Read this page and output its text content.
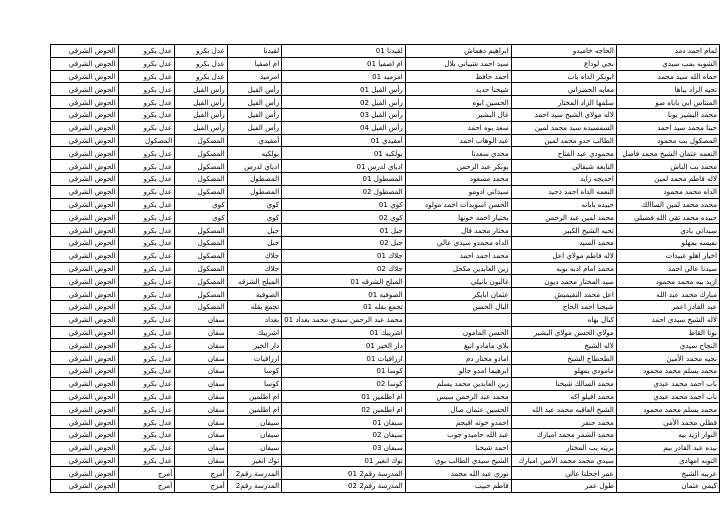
الحوض الشرقي	عدل بكرو	عدل بكرو	لقيدنا	لقيدنا 01	ابراهيم دهماش	الحاجه خاميدو	لمام احمد دمد
الحوض الشرقي	عدل بكرو	عدل بكرو	ام اصفيا	ام اصفيا 01	سيد احمد شيباني بلال	نجي لوداع	الشوبه بمب سيدي
الحوض الشرقي	عدل بكرو	عدل بكرو	امزميد	امزميد 01	احمد حافظ	ابوبكر الداه باب	حماه الله سيد محمد
الحوض الشرقي	عدل بكرو	رأس الفيل	رأس الفيل	رأس الفيل 01	شيخنا حديد	معايه الخضراني	تحيه الزاد بياها
الحوض الشرقي	عدل بكرو	رأس الفيل	رأس الفيل	رأس الفيل 02	الحسين ابوه	سلمها الزاد المختار	المنتاس ابي باباه صو
الحوض الشرقي	عدل بكرو	رأس الفيل	رأس الفيل	رأس الفيل 03	غال البشير	لاله مولاي الشيخ سيد احمد	محمد البشير يونا
الحوض الشرقي	عدل بكرو	رأس الفيل	رأس الفيل	رأس الفيل 04	سعد بوه احمد	السمسيده سيد محمد لمين	حينا محمد سيد احمد
الحوض الشرقي	المصكول	المصكول	أمقيدي	أمقيدي 01	عبد الوهاب احمد	الطالب حدو محمد لمين	المصكول بب محمود
الحوض الشرقي	عدل بكرو	المصكول	بولكيه	بولكيه 01	محدي سعدنا	محمودي عبد الفتاح	النعمه عثمان الشيخ محمد فاضل
الحوض الشرقي	عدل بكرو	المصكول	ادياي لدرس	ادياي لدرس 01	بوبكر عبد الرحمن	النابغه شيقالي	محمد بب الباش
الحوض الشرقي	عدل بكرو	المصكول	المصطول	المصطول 01	محمد مسعود	اخديجه زايد	لاله فاطم محمد لمين
الحوض الشرقي	عدل بكرو	المصكول	المصطول	المصطول 02	سيداتي ادومو	النعمه الداه احمد ذحيد	الداه محمد محمود
الحوض الشرقي	عدل بكرو	كوي	كوي	كوي 01	الحسن اسويدات احمد مولود	حبيده بابانه	محمد محمد لمين الساالك
الحوض الشرقي	عدل بكرو	كوي	كوي	كوي 02	بختيار احمد خونها	محمد لمين عبد الرحمن	حبيده محمد تقي الله فضيلي
الحوض الشرقي	عدل بكرو	المصكول	جبل	جبل 01	مختار محمد فال	تحيه الشيخ الكبير	سيداتي بادي
الحوض الشرقي	عدل بكرو	المصكول	جبل	جبل 02	الداه محمدو سيدي عالي	محمد السيد	نفيسه يمهلو
الحوض الشرقي	عدل بكرو	المصكول	جلاك	جلاك 01	محمد احمد احمد	لاله فاطم مولاي اعل	اخيار اهلو عبيدات
الحوض الشرقي	عدل بكرو	المصكول	جلاك	جلاك 02	زين العابدين مكحل	محمد امام ادبه بوبه	سيدنا عالي احمد
الحوض الشرقي	عدل بكرو	المصكول	المبلح الشرقه	المبلح الشرقه 01	غالبون بانيلي	سيد المختار محمد ديون	ازيد بيه محمد محمود
الحوض الشرقي	عدل بكرو	المصكول	الصوفية	الصوفية 01	عثمان ابايكر	اعل محمد النقيميش	مبارك محمد عبد الله
الحوض الشرقي	عدل بكرو	المصكول	تجمع بقله	تجمع بقله 01	البال الحسن	شيخنا احمد الحاج	عبد القادر اعمر
الحوض الشرقي	عدل بكرو	سفان	بغداد	محمد عبد الرحمن سيدي محمد بغداد 01		كبال بهاه	لاله الشيخ سيدي احمد
الحوض الشرقي	عدل بكرو	سفان	اشريبك	اشريبك 01	الحسن المامون	مولاي الحسن مولاي البشير	بونا القاظ
الحوض الشرقي	عدل بكرو	سفان	دار الخير	دار الخير 01	بلاي مامادو انيغ	لاله الشيخ	النجاح سيدي
الحوض الشرقي	عدل بكرو	سفان	ازرافيات	ازرافيات 01	امادو مختار دم	الطحطاح الشيخ	نجيه محمد الأمين
الحوض الشرقي	عدل بكرو	سفان	كوسا	كوسا 01	ابرهيما امدو جالو	مامودي يمهلو	محمد يسلم محمد محمود
الحوض الشرقي	عدل بكرو	سفان	كوسا	كوسا 02	زين العابدين محمد يسلم	محمد السالك شيخنا	باب احمد محمد عبدي
الحوض الشرقي	عدل بكرو	سفان	ام اطلمين	ام اطلمين 01	محمد عبد الرحمن سيس	محمد افيلو اكه	باب احمد محمد عبدي
الحوض الشرقي	عدل بكرو	سفان	ام اطلمين	ام اطلمين 02	الحسين عثمان صال	الشيخ العاقبه محمد عبد الله	محمد يسلم محمد محمود
الحوض الشرقي	عدل بكرو	سفان	سيفان	سيفان 01	احمدو خونه افيجم	محمد حنفر	قطلي محمد الأمي
الحوض الشرقي	عدل بكرو	سفان	سيفان	سيفان 02	عبد الله حاميدو جوب	محمد الشمر محمد امبارك	النوار ازيد بيه
الحوض الشرقي	عدل بكرو	سفان	سيفان	سيفان 03	احمد شيخنا	بزيته يب المختار	بيده عبد القادر بيم
الحوض الشرقي	عدل بكرو	سفان	توك انغير	توك انغير 01	الشيخ سيدي الطالب بوي	سيدي محمد محمد الأمين امبارك	التوبه امهادي
الحوض الشرقي	أمرج	أمرج	المدرسة رقم2	المدرسة رقم2 01	نوري عبد الله محمد	عمر اجحلنا عالي	عربيه الشيخ
الحوض الشرقي	أمرج	أمرج	المدرسة رقم2	المدرسة رقم2 02	فاطم حبيب	طول عمر	كيمي عثمان
